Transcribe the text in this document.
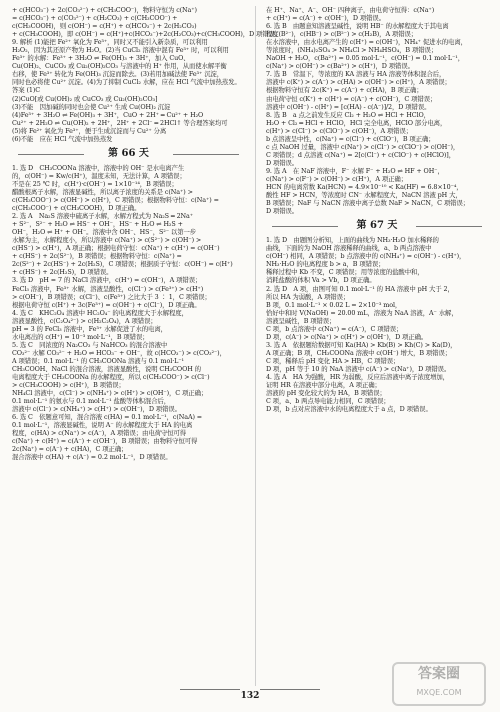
+ c(HCO₃⁻) + 2c(CO₃²⁻) + c(CH₃COO⁻)，物料守恒为 c(Na⁺)
= c(HCO₃⁻) + c(CO₃²⁻) + c(H₂CO₃) + c(CH₃COO⁻) +
c(CH₃COOH)，则 c(OH⁻) = c(H⁺) + c(HCO₃⁻) + 2c(H₂CO₃)
+ c(CH₃COOH)，即 c(OH⁻) = c(H⁺)+c(HCO₃⁻)+2c(H₂CO₃)+c(CH₃COOH)，D 项错误。
9. 解析 (1)能把 Fe²⁺ 氧化为 Fe³⁺，同时又不能引入新杂质，可以利用
H₂O₂，因为其还原产物为 H₂O。(2)当 CuCl₂ 溶液中混有 Fe³⁺ 时，可以利用
Fe³⁺ 的水解：Fe³⁺ + 3H₂O ⇌ Fe(OH)₃ + 3H⁺，加入 CuO、
Cu(OH)₂、CuCO₃ 或 Cu₂(OH)₂CO₃ 与溶液中的 H⁺ 作用，从而使水解平衡
右移，使 Fe³⁺ 转化为 Fe(OH)₃ 沉淀而除去。(3)若用加碱法使 Fe³⁺ 沉淀，
同时也必将使 Cu²⁺ 沉淀。(4)为了抑制 CuCl₂ 水解，应在 HCl 气流中加热蒸发。
答案 (1)C
(2)CuO[或 Cu(OH)₂ 或 CuCO₃ 或 Cu₂(OH)₂CO₃]
(3)不能　因加碱的同时也会使 Cu²⁺ 生成 Cu(OH)₂ 沉淀
(4)Fe³⁺ + 3H₂O ⇌ Fe(OH)₃ + 3H⁺，CuO + 2H⁺ ═ Cu²⁺ + H₂O
Cu²⁺ + 2H₂O ⇌ Cu(OH)₂ + 2H⁺，2H⁺ + 2Cl⁻ ═ 2HCl↑ 等合理答案均可
(5)将 Fe²⁺ 氧化为 Fe³⁺，便于生成沉淀而与 Cu²⁺ 分离
(6)不能　应在 HCl 气流中加热蒸发
第 66 天
1. 选 D　CH₃COONa 溶液中，溶液中的 OH⁻ 是水电离产生
的，c(OH⁻) = Kw/c(H⁺)，温度未知，无法计算，A 项错误；
不是在 25 ℃ 时，c(H⁺)·c(OH⁻) = 1×10⁻¹⁴，B 项错误；
醋酸根离子水解，溶液显碱性，所以离子浓度的关系是 c(Na⁺) >
c(CH₃COO⁻) > c(OH⁻) > c(H⁺)，C 项错误；根据物料守恒：c(Na⁺) =
c(CH₃COO⁻) + c(CH₃COOH)，D 项正确。
2. 选 A　Na₂S 溶液中硫离子水解，水解方程式为 Na₂S ═ 2Na⁺
+ S²⁻，S²⁻ + H₂O ⇌ HS⁻ + OH⁻，HS⁻ + H₂O ⇌ H₂S +
OH⁻，H₂O ⇌ H⁺ + OH⁻。溶液中含 OH⁻、HS⁻，S²⁻ 以第一步
水解为主，水解程度小，所以溶液中 c(Na⁺) > c(S²⁻) > c(OH⁻) >
c(HS⁻) > c(H⁺)，A 项正确；根据电荷守恒：c(Na⁺) + c(H⁺) = c(OH⁻)
+ c(HS⁻) + 2c(S²⁻)，B 项错误；根据物料守恒：c(Na⁺) =
2c(S²⁻) + 2c(HS⁻) + 2c(H₂S)，C 项错误；根据质子守恒：c(OH⁻) = c(H⁺)
+ c(HS⁻) + 2c(H₂S)，D 项错误。
3. 选 D　pH = 7 的 NaCl 溶液中，c(H⁺) = c(OH⁻)，A 项错误；
FeCl₃ 溶液中，Fe³⁺ 水解，溶液呈酸性，c(Cl⁻) > c(Fe³⁺) > c(H⁺)
> c(OH⁻)，B 项错误；c(Cl⁻)、c(Fe³⁺) 之比大于 3 ∶ 1，C 项错误；
根据电荷守恒 c(H⁺) + 3c(Fe³⁺) = c(OH⁻) + c(Cl⁻)，D 项正确。
4. 选 C　KHC₂O₄ 溶液中 HC₂O₄⁻ 的电离程度大于水解程度，
溶液显酸性，c(C₂O₄²⁻) > c(H₂C₂O₄)，A 项错误；
pH = 3 的 FeCl₃ 溶液中，Fe³⁺ 水解促进了水的电离，
水电离出的 c(H⁺) = 10⁻³ mol·L⁻¹，B 项错误；
5. 选 C　同浓度的 Na₂CO₃ 与 NaHCO₃ 的混合溶液中
CO₃²⁻ 水解 CO₃²⁻ + H₂O ⇌ HCO₃⁻ + OH⁻，故 c(HCO₃⁻) > c(CO₃²⁻)，
A 项错误；0.1 mol·L⁻¹ 的 CH₃COONa 溶液与 0.1 mol·L⁻¹
CH₃COOH、NaCl 的混合溶液，溶液显酸性，说明 CH₃COOH 的
电离程度大于 CH₃COONa 的水解程度，所以 c(CH₃COO⁻) > c(Cl⁻)
> c(CH₃COOH) > c(H⁺)，B 项错误；
NH₄Cl 溶液中，c(Cl⁻) > c(NH₄⁺) > c(H⁺) > c(OH⁻)，C 项正确；
0.1 mol·L⁻¹ 的氨水与 0.1 mol·L⁻¹ 盐酸等体积混合后，
溶液中 c(Cl⁻) > c(NH₄⁺) > c(H⁺) > c(OH⁻)，D 项错误。
6. 选 C　依题意可知，混合溶液 c(HA) = 0.1 mol·L⁻¹，c(NaA) =
0.1 mol·L⁻¹，溶液显碱性，说明 A⁻ 的水解程度大于 HA 的电离
程度，c(HA) > c(Na⁺) > c(A⁻)，A 项错误；由电荷守恒可得
c(Na⁺) + c(H⁺) = c(A⁻) + c(OH⁻)，B 项错误；由物料守恒可得
2c(Na⁺) = c(A⁻) + c(HA)，C 项正确；
混合溶液中 c(HA) + c(A⁻) = 0.2 mol·L⁻¹，D 项错误。
在 H⁺、Na⁺、A⁻、OH⁻ 四种离子，由电荷守恒得：c(Na⁺)
+ c(H⁺) = c(A⁻) + c(OH⁻)，D 项错误。
6. 选 B　由题意知溶液呈碱性，说明 HB⁻ 的水解程度大于其电离
程度(B²⁻)，c(HB⁻) > c(B²⁻) > c(H₂B)，A 项错误；
在水溶液中，由水电离产生的 c(H⁺) = c(OH⁻)，NH₄⁺ 促进水的电离，
等浓度时，(NH₄)₂SO₄ > NH₄Cl > NH₄HSO₄，B 项错误；
NaOH + H₂O，c(Ba²⁺) = 0.05 mol·L⁻¹，c(OH⁻) = 0.1 mol·L⁻¹，
c(Na⁺) > c(OH⁻) > c(Ba²⁺) > c(H⁺)，D 项错误。
7. 选 B　常温下，等浓度的 KA 溶液与 HA 溶液等体积混合后，
溶液中 c(K⁺) > c(A⁻) > c(HA) > c(OH⁻) > c(H⁺)，A 项错误；
根据物料守恒有 2c(K⁺) = c(A⁻) + c(HA)，B 项正确；
由电荷守恒 c(K⁺) + c(H⁺) = c(A⁻) + c(OH⁻)，C 项错误；
溶液中 c(OH⁻) - c(H⁺) = [c(HA) - c(A⁻)]/2，D 项错误。
8. 选 B　a 点之前发生反应 Cl₂ + H₂O ⇌ HCl + HClO，
H₂O + Cl₂ ═ HCl + HClO，HCl 完全电离，HClO 部分电离，
c(H⁺) > c(Cl⁻) > c(ClO⁻) > c(OH⁻)，A 项错误；
b 点溶液呈中性，c(Na⁺) = c(Cl⁻) + c(ClO⁻)，B 项正确；
c 点 NaOH 过量，溶液中 c(Na⁺) > c(Cl⁻) > c(ClO⁻) > c(OH⁻)，
C 项错误；d 点溶液 c(Na⁺) = 2[c(Cl⁻) + c(ClO⁻) + c(HClO)]，
D 项错误。
9. 选 A　在 NaF 溶液中，F⁻ 水解 F⁻ + H₂O ⇌ HF + OH⁻，
c(Na⁺) > c(F⁻) > c(OH⁻) > c(H⁺)，A 项正确；
HCN 的电离常数 Ka(HCN) = 4.9×10⁻¹⁰ < Ka(HF) = 6.8×10⁻⁴，
酸性 HF > HCN，等浓度时 CN⁻ 水解程度大，NaCN 溶液 pH 大，
B 项错误；NaF 与 NaCN 溶液中离子总数 NaF > NaCN，C 项错误；
D 项错误。
第 67 天
1. 选 D　由题图分析知，上面的曲线为 NH₃·H₂O 加水稀释的
曲线，下面的为 NaOH 溶液稀释的曲线，a、b 两点溶液中
c(OH⁻) 相同，A 项错误；b 点溶液中的 c(NH₄⁺) = c(OH⁻) - c(H⁺)，
NH₃·H₂O 的电离程度 b > a，B 项错误；
稀释过程中 Kb 不变，C 项错误；用等浓度的盐酸中和，
消耗盐酸的体积 Va > Vb，D 项正确。
2. 选 D　A 项，由图可知 0.1 mol·L⁻¹ 的 HA 溶液中 pH 大于 2，
所以 HA 为弱酸，A 项错误；
B 项，0.1 mol·L⁻¹ × 0.02 L = 2×10⁻³ mol，
恰好中和时 V(NaOH) = 20.00 mL，溶液为 NaA 溶液，A⁻ 水解，
溶液呈碱性，B 项错误；
C 项，b 点溶液中 c(Na⁺) = c(A⁻)，C 项错误；
D 项，c(A⁻) > c(Na⁺) > c(H⁺) > c(OH⁻)，D 项正确。
3. 选 A　依据题给数据可知 Ka(HA) > Kb(B) > Kh(C) > Ka(D)，
A 项正确；B 项，CH₃COONa 溶液中 c(OH⁻) 增大，B 项错误；
C 项，稀释后 pH 变化 HA > HB，C 项错误；
D 项，pH 等于 10 的 NaA 溶液中 c(A⁻) > c(Na⁺)，D 项错误。
4. 选 A　HA 为强酸，HR 为弱酸，反应后溶液中离子浓度增加，
证明 HR 在溶液中部分电离，A 项正确；
溶液的 pH 变化较大的为 HA，B 项错误；
C 项，a、b 两点导电能力相同，C 项错误；
D 项，b 点对应溶液中水的电离程度大于 a 点，D 项错误。
132
答案圈
MXQE.COM
